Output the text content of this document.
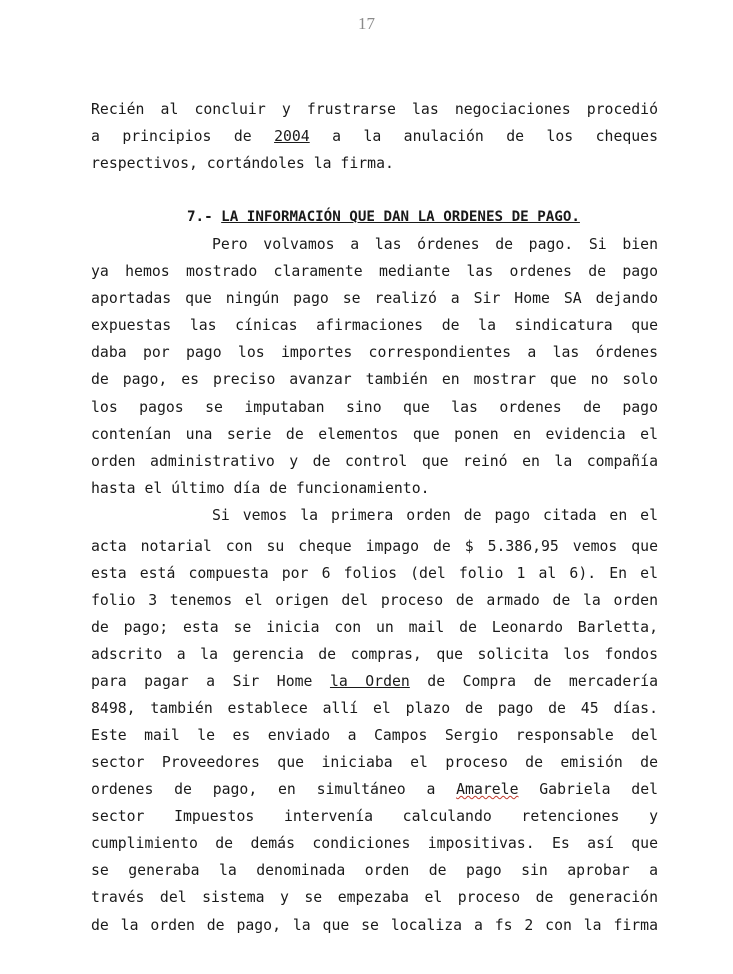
17
Recién al concluir y frustrarse las negociaciones procedió
a principios de 2004 a la anulación de los cheques
respectivos, cortándoles la firma.
7.- LA INFORMACIÓN QUE DAN LA ORDENES DE PAGO.
Pero volvamos a las órdenes de pago. Si bien
ya hemos mostrado claramente mediante las ordenes de pago
aportadas que ningún pago se realizó a Sir Home SA dejando
expuestas las cínicas afirmaciones de la sindicatura que
daba por pago los importes correspondientes a las órdenes
de pago, es preciso avanzar también en mostrar que no solo
los pagos se imputaban sino que las ordenes de pago
contenían una serie de elementos que ponen en evidencia el
orden administrativo y de control que reinó en la compañía
hasta el último día de funcionamiento.
Si vemos la primera orden de pago citada en el
acta notarial con su cheque impago de $ 5.386,95 vemos que
esta está compuesta por 6 folios (del folio 1 al 6). En el
folio 3 tenemos el origen del proceso de armado de la orden
de pago; esta se inicia con un mail de Leonardo Barletta,
adscrito a la gerencia de compras, que solicita los fondos
para pagar a Sir Home la Orden de Compra de mercadería
8498, también establece allí el plazo de pago de 45 días.
Este mail le es enviado a Campos Sergio responsable del
sector Proveedores que iniciaba el proceso de emisión de
ordenes de pago, en simultáneo a Amarele Gabriela del
sector Impuestos intervenía calculando retenciones y
cumplimiento de demás condiciones impositivas. Es así que
se generaba la denominada orden de pago sin aprobar a
través del sistema y se empezaba el proceso de generación
de la orden de pago, la que se localiza a fs 2 con la firma
